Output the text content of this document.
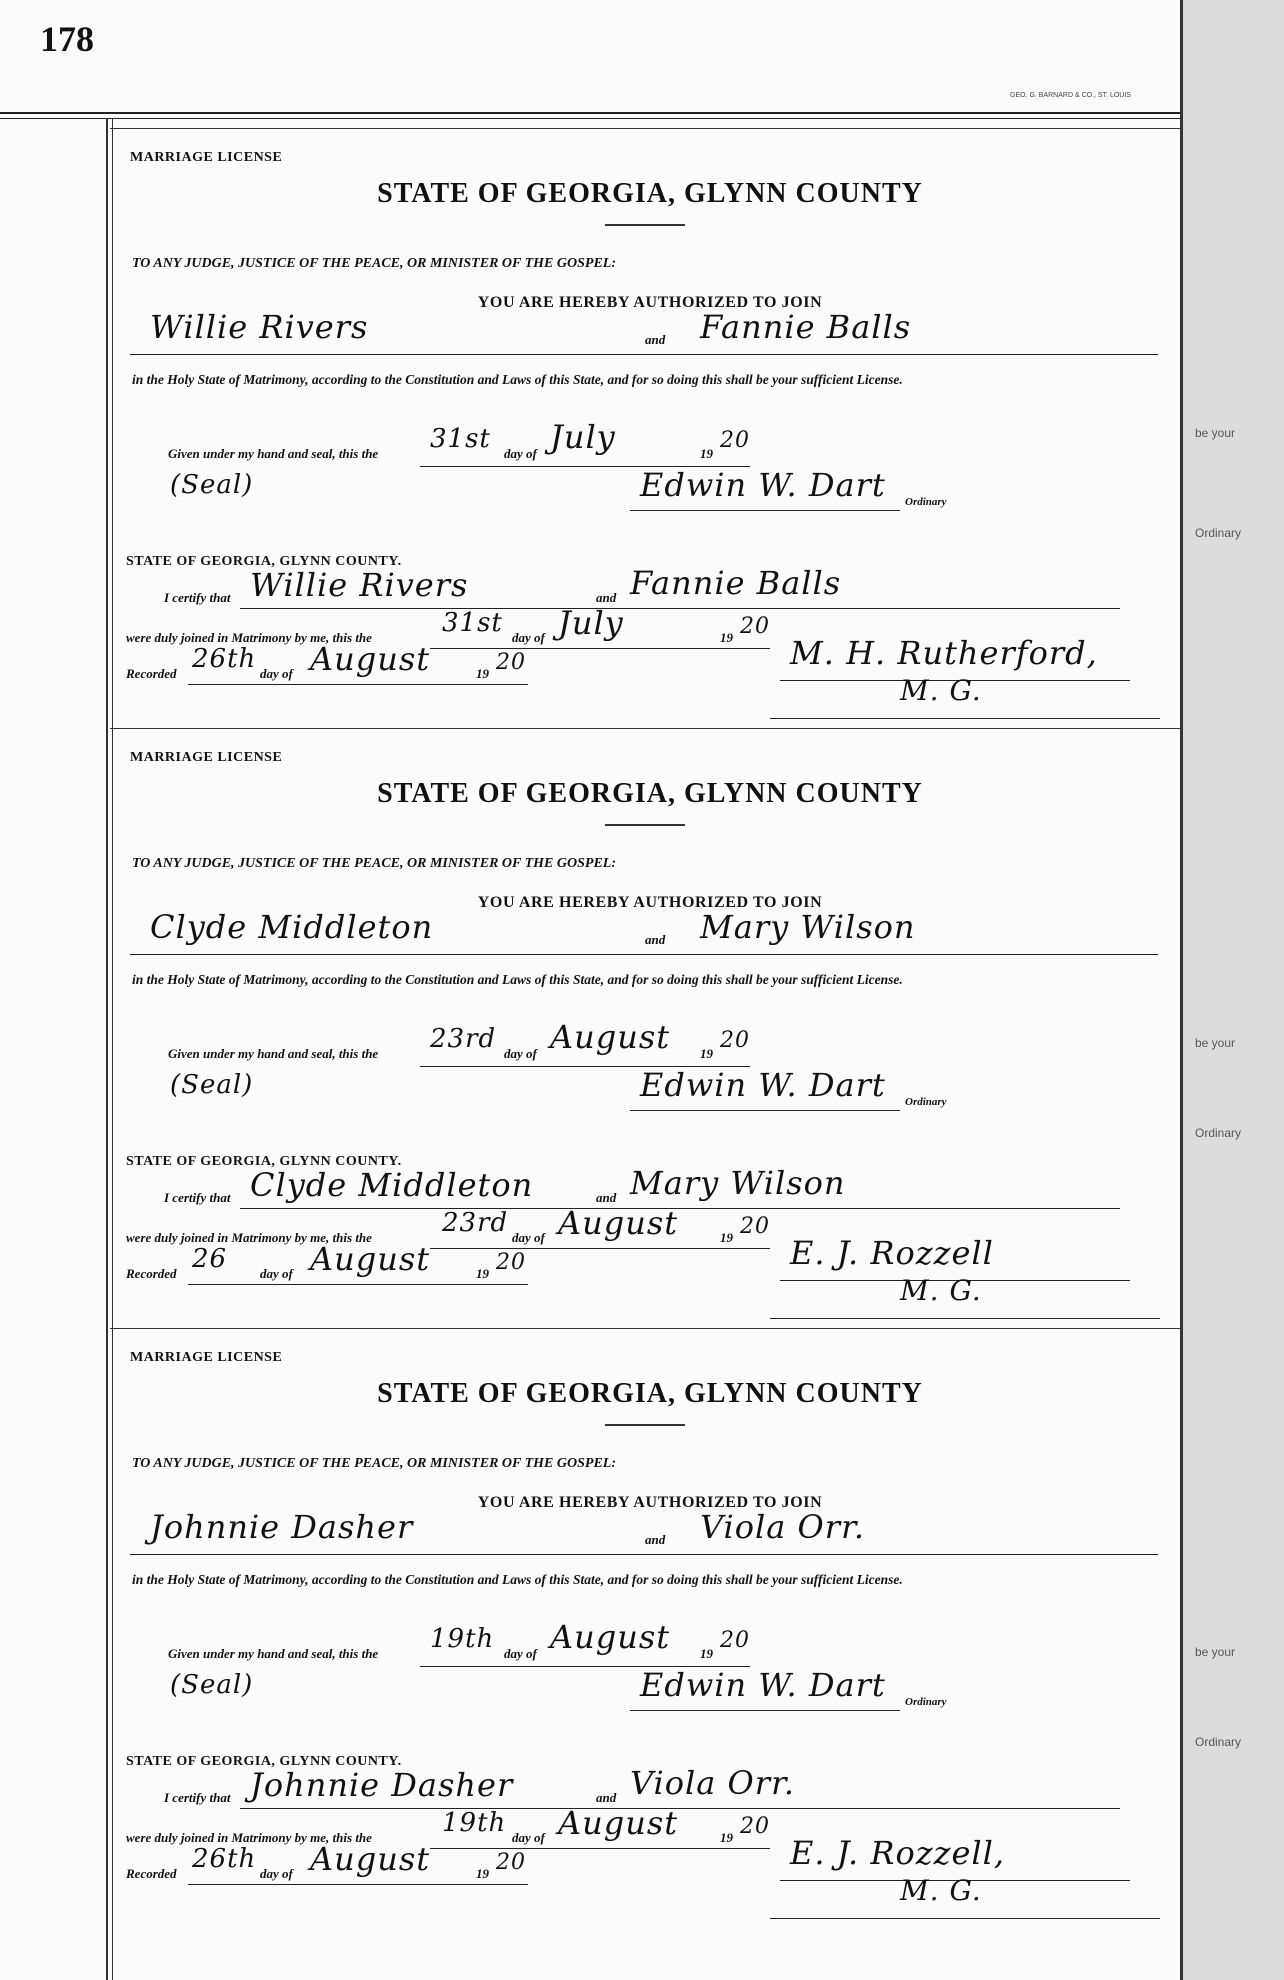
178
GEO. G. BARNARD & CO., ST. LOUIS
MARRIAGE LICENSE
STATE OF GEORGIA, GLYNN COUNTY
TO ANY JUDGE, JUSTICE OF THE PEACE, OR MINISTER OF THE GOSPEL:
YOU ARE HEREBY AUTHORIZED TO JOIN
Willie Rivers	and Fannie Balls
in the Holy State of Matrimony, according to the Constitution and Laws of this State, and for so doing this shall be your sufficient License.
Given under my hand and seal, this the 31st day of July	19
20
(Seal)	Edwin W. Dart Ordinary
STATE OF GEORGIA, GLYNN COUNTY.
I certify that Willie Rivers	and Fannie Balls
were duly joined in Matrimony by me, this the	31st day of July	19 20
Recorded 26th day of August	19 20	M. H. Rutherford,
M. G.
MARRIAGE LICENSE
STATE OF GEORGIA, GLYNN COUNTY
TO ANY JUDGE, JUSTICE OF THE PEACE, OR MINISTER OF THE GOSPEL:
YOU ARE HEREBY AUTHORIZED TO JOIN
Clyde Middleton	and Mary Wilson
in the Holy State of Matrimony, according to the Constitution and Laws of this State, and for so doing this shall be your sufficient License.
Given under my hand and seal, this the 23rd day of August 19
20
(Seal)	Edwin W. Dart Ordinary
STATE OF GEORGIA, GLYNN COUNTY.
I certify that Clyde Middleton	and Mary Wilson
were duly joined in Matrimony by me, this the	23rd day of August	19 20
Recorded 26	day of August	19 20	E. J. Rozzell
M. G.
MARRIAGE LICENSE
STATE OF GEORGIA, GLYNN COUNTY
TO ANY JUDGE, JUSTICE OF THE PEACE, OR MINISTER OF THE GOSPEL:
YOU ARE HEREBY AUTHORIZED TO JOIN
Johnnie Dasher	and Viola Orr.
in the Holy State of Matrimony, according to the Constitution and Laws of this State, and for so doing this shall be your sufficient License.
Given under my hand and seal, this the 19th day of August 19
20
(Seal)	Edwin W. Dart Ordinary
STATE OF GEORGIA, GLYNN COUNTY.
I certify that Johnnie Dasher	and Viola Orr.
were duly joined in Matrimony by me, this the	19th day of August	19 20
Recorded 26th day of August	19 20	E. J. Rozzell,
M. G.
be your
Ordinary
be your
Ordinary
be your
Ordinary
